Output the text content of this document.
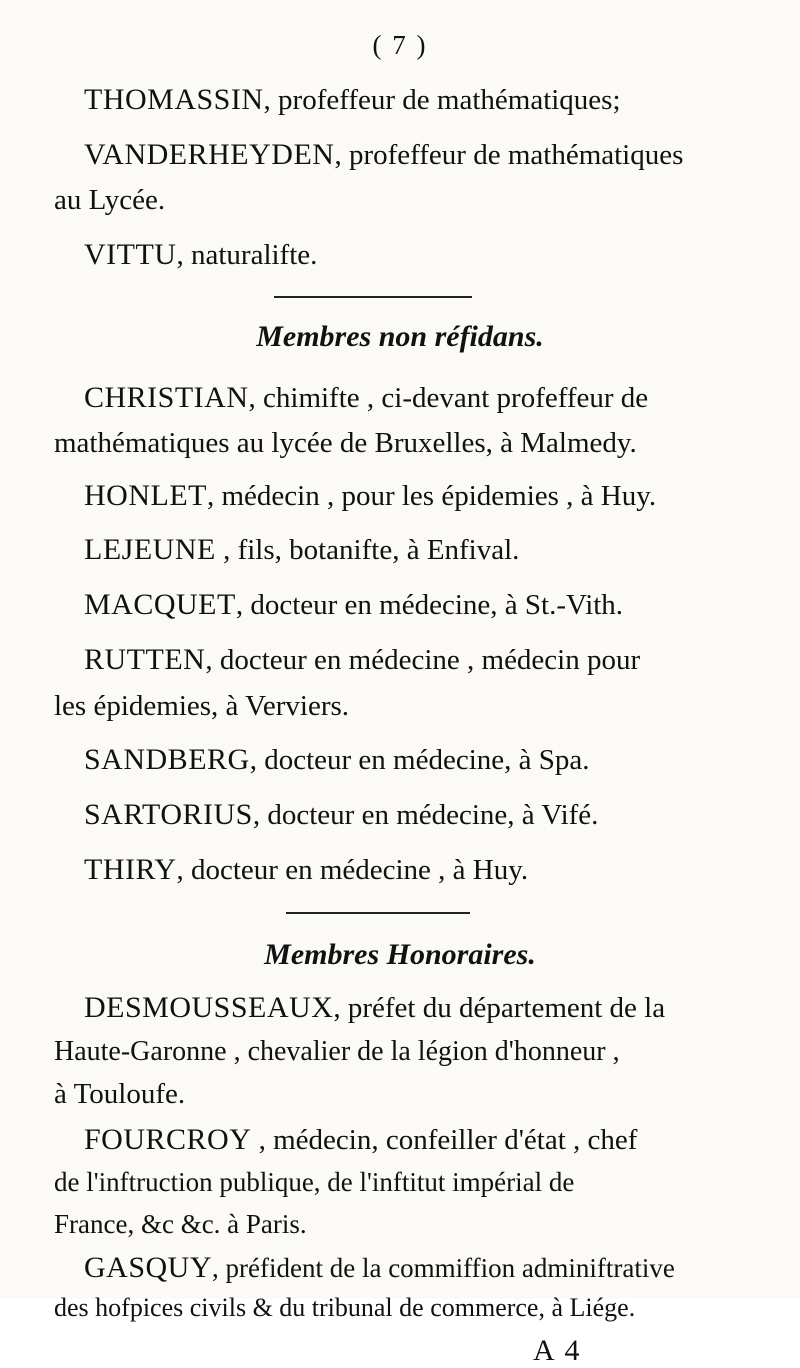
( 7 )
THOMASSIN, profeffeur de mathématiques;
VANDERHEYDEN, profeffeur de mathématiques
au Lycée.
VITTU, naturalifte.
Membres non réfidans.
CHRISTIAN, chimifte , ci-devant profeffeur de
mathématiques au lycée de Bruxelles, à Malmedy.
HONLET, médecin , pour les épidemies , à Huy.
LEJEUNE , fils, botanifte, à Enfival.
MACQUET, docteur en médecine, à St.-Vith.
RUTTEN, docteur en médecine , médecin pour
les épidemies, à Verviers.
SANDBERG, docteur en médecine, à Spa.
SARTORIUS, docteur en médecine, à Vifé.
THIRY, docteur en médecine , à Huy.
Membres Honoraires.
DESMOUSSEAUX, préfet du département de la
Haute-Garonne , chevalier de la légion d'honneur ,
à Touloufe.
FOURCROY , médecin, confeiller d'état , chef
de l'inftruction publique, de l'inftitut impérial de
France, &c &c. à Paris.
A 4
GASQUY, préfident de la commiffion adminiftrative
des hofpices civils & du tribunal de commerce, à Liége.
